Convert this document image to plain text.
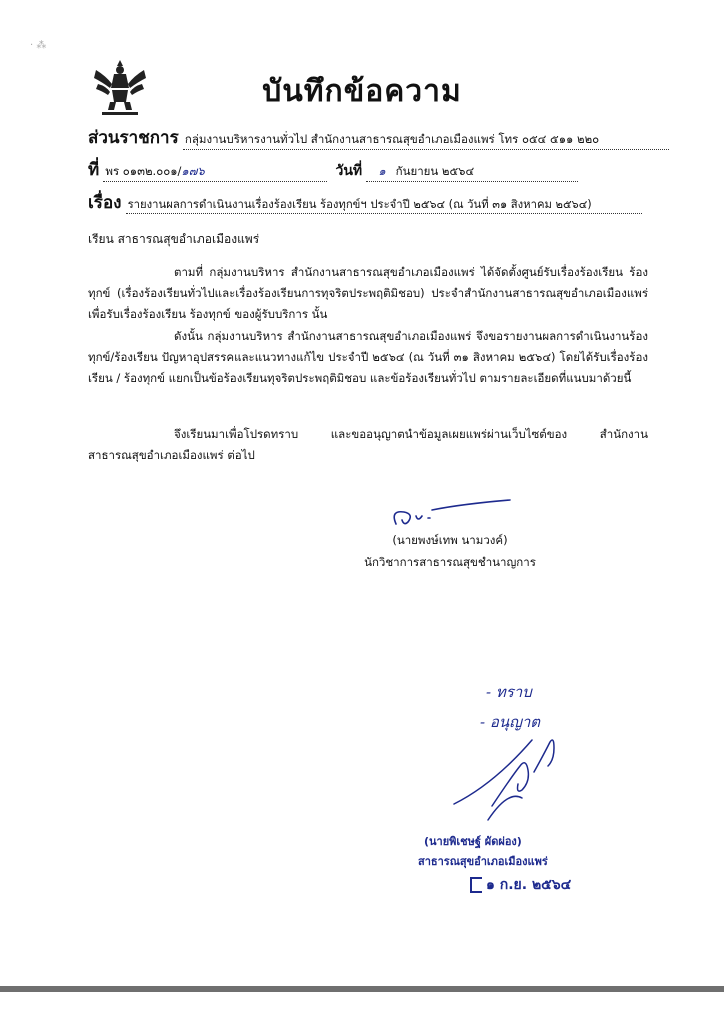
· ⁂
บันทึกข้อความ
ส่วนราชการ กลุ่มงานบริหารงานทั่วไป สำนักงานสาธารณสุขอำเภอเมืองแพร่ โทร ๐๕๔ ๕๑๑ ๒๒๐
ที่ พร ๐๑๓๒.๐๐๑/๑๗๖	วันที่ ๑ กันยายน ๒๕๖๔
เรื่อง รายงานผลการดำเนินงานเรื่องร้องเรียน ร้องทุกข์ฯ ประจำปี ๒๕๖๔ (ณ วันที่ ๓๑ สิงหาคม ๒๕๖๔)
เรียน สาธารณสุขอำเภอเมืองแพร่
ตามที่ กลุ่มงานบริหาร สำนักงานสาธารณสุขอำเภอเมืองแพร่ ได้จัดตั้งศูนย์รับเรื่องร้องเรียน ร้องทุกข์ (เรื่องร้องเรียนทั่วไปและเรื่องร้องเรียนการทุจริตประพฤติมิชอบ) ประจำสำนักงานสาธารณสุขอำเภอเมืองแพร่ เพื่อรับเรื่องร้องเรียน ร้องทุกข์ ของผู้รับบริการ นั้น
ดังนั้น กลุ่มงานบริหาร สำนักงานสาธารณสุขอำเภอเมืองแพร่ จึงขอรายงานผลการดำเนินงานร้องทุกข์/ร้องเรียน ปัญหาอุปสรรคและแนวทางแก้ไข ประจำปี ๒๕๖๔ (ณ วันที่ ๓๑ สิงหาคม ๒๕๖๔) โดยได้รับเรื่องร้องเรียน / ร้องทุกข์ แยกเป็นข้อร้องเรียนทุจริตประพฤติมิชอบ และข้อร้องเรียนทั่วไป ตามรายละเอียดที่แนบมาด้วยนี้
จึงเรียนมาเพื่อโปรดทราบ และขออนุญาตนำข้อมูลเผยแพร่ผ่านเว็บไซต์ของ สำนักงานสาธารณสุขอำเภอเมืองแพร่ ต่อไป
(นายพงษ์เทพ นามวงค์)
นักวิชาการสาธารณสุขชำนาญการ
- ทราบ
- อนุญาต
(นายพิเชษฐ์ ผัดผ่อง)
สาธารณสุขอำเภอเมืองแพร่
๑ ก.ย. ๒๕๖๔
